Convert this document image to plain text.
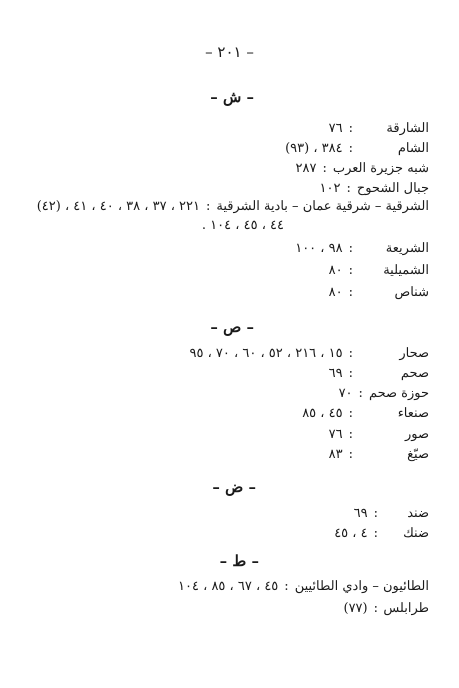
– ٢٠١ –
– ش –
الشارقة:٧٦
الشام:٣٨٤ ، (٩٣)
شبه جزيرة العرب:٢٨٧
جبال الشحوح:١٠٢
الشرقية – شرقية عمان – بادية الشرقية:٢٢١ ، ٣٧ ، ٣٨ ، ٤٠ ، ٤١ ، (٤٢)
٤٤ ، ٤٥ ، ١٠٤ .
الشريعة:٩٨ ، ١٠٠
الشميلية:٨٠
شناص:٨٠
– ص –
صحار:١٥ ، ٢١٦ ، ٥٢ ، ٦٠ ، ٧٠ ، ٩٥
صحم:٦٩
حوزة صحم:٧٠
صنعاء:٤٥ ، ٨٥
صور:٧٦
صيّغ:٨٣
– ض –
ضند:٦٩
ضنك:٤ ، ٤٥
– ط –
الطائيون – وادي الطائيين:٤٥ ، ٦٧ ، ٨٥ ، ١٠٤
طرابلس:(٧٧)
